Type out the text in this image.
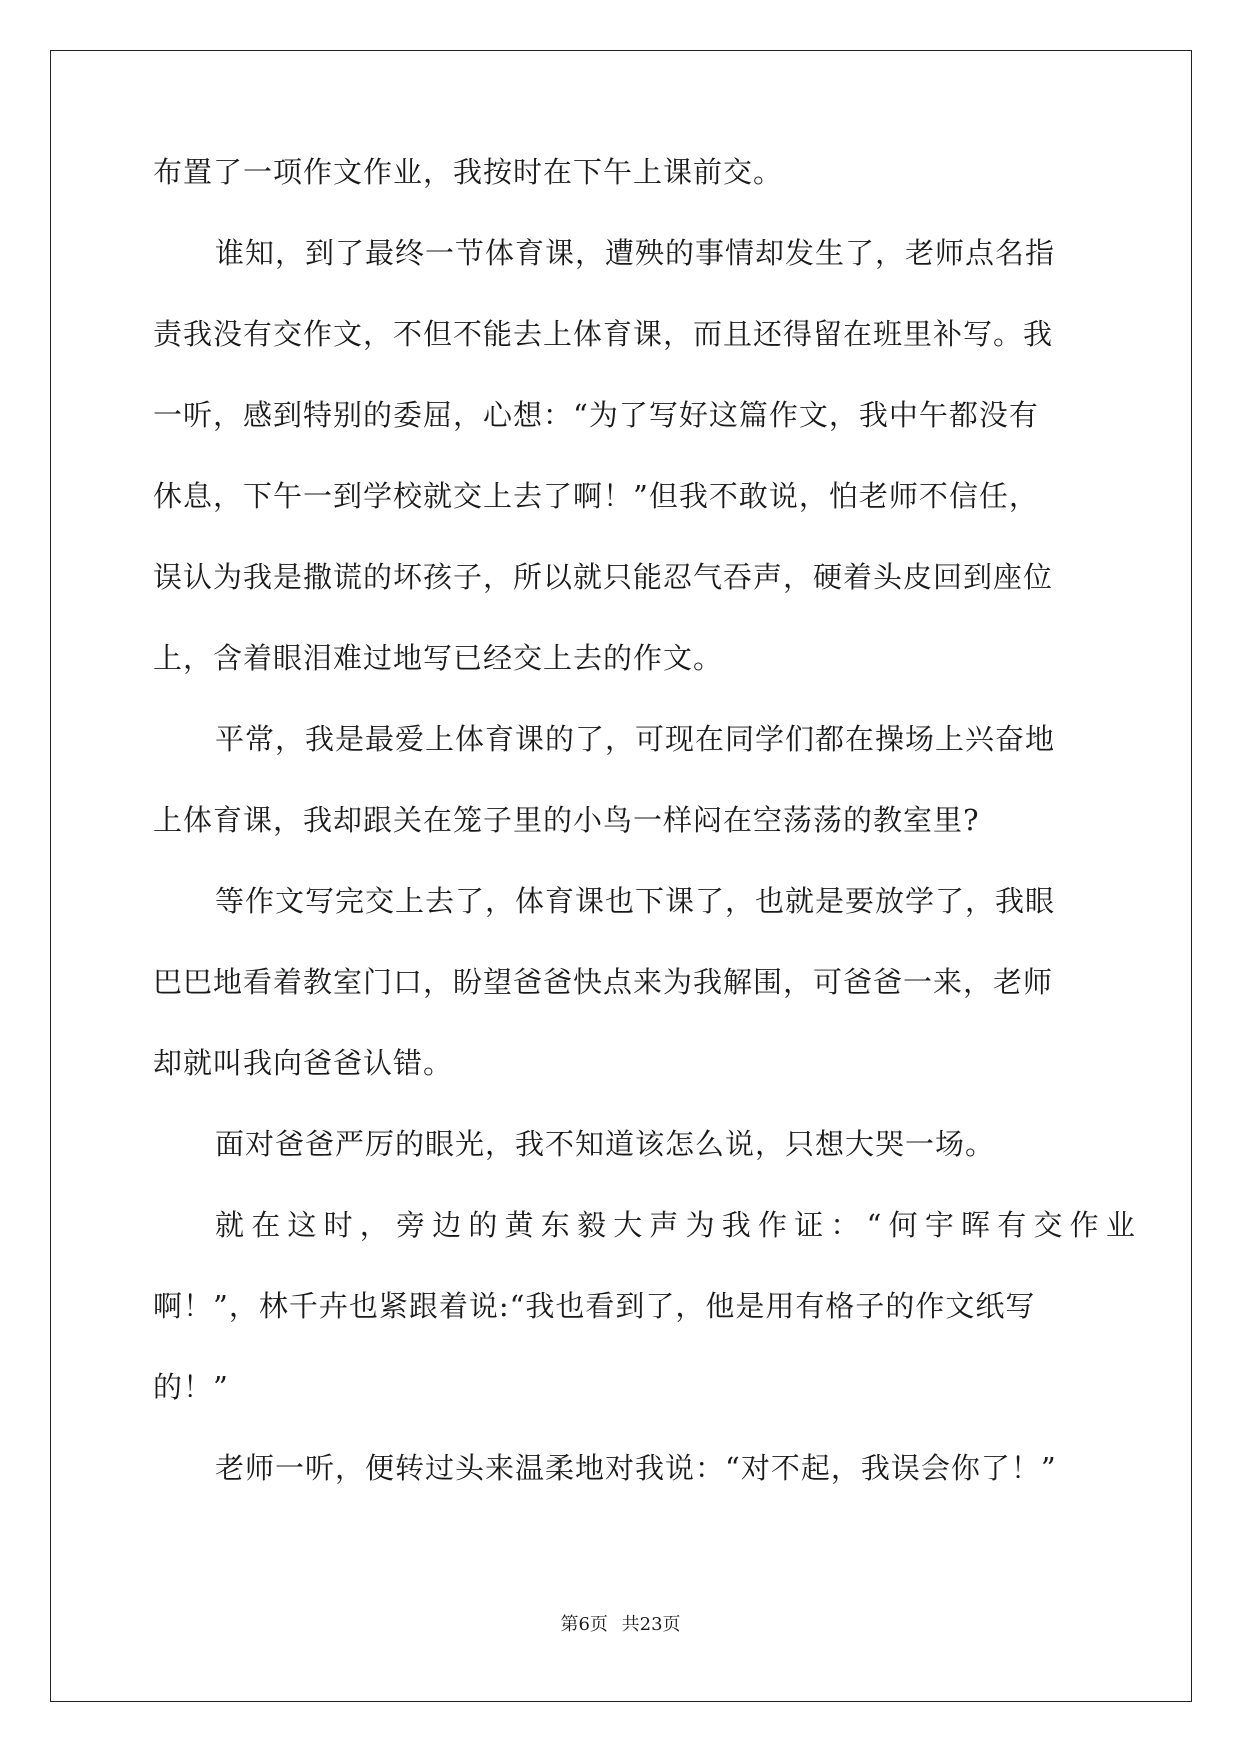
布置了一项作文作业，我按时在下午上课前交。
谁知，到了最终一节体育课，遭殃的事情却发生了，老师点名指
责我没有交作文，不但不能去上体育课，而且还得留在班里补写。我
一听，感到特别的委屈，心想：“为了写好这篇作文，我中午都没有
休息，下午一到学校就交上去了啊！”但我不敢说，怕老师不信任，
误认为我是撒谎的坏孩子，所以就只能忍气吞声，硬着头皮回到座位
上，含着眼泪难过地写已经交上去的作文。
平常，我是最爱上体育课的了，可现在同学们都在操场上兴奋地
上体育课，我却跟关在笼子里的小鸟一样闷在空荡荡的教室里?
等作文写完交上去了，体育课也下课了，也就是要放学了，我眼
巴巴地看着教室门口，盼望爸爸快点来为我解围，可爸爸一来，老师
却就叫我向爸爸认错。
面对爸爸严厉的眼光，我不知道该怎么说，只想大哭一场。
就在这时，旁边的黄东毅大声为我作证：“何宇晖有交作业
啊！”，林千卉也紧跟着说:“我也看到了，他是用有格子的作文纸写
的！”
老师一听，便转过头来温柔地对我说：“对不起，我误会你了！”
第6页 共23页
